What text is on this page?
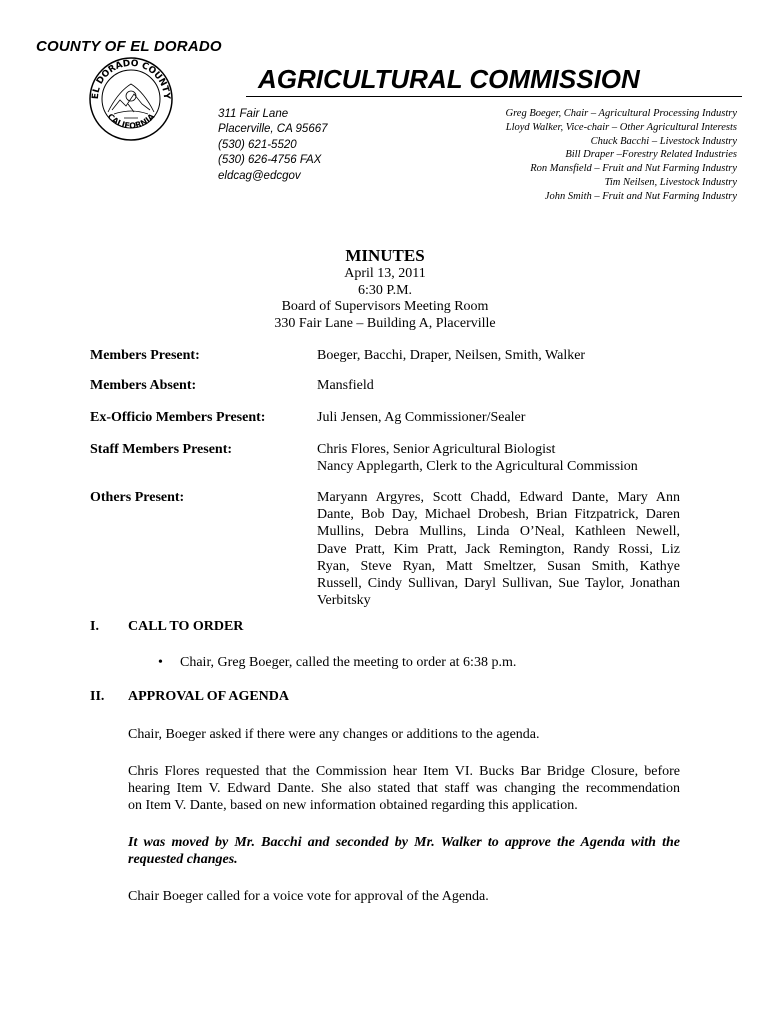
COUNTY OF EL DORADO
EL DORADO COUNTY
CALIFORNIA
AGRICULTURAL COMMISSION
311 Fair Lane
Placerville, CA 95667
(530) 621-5520
(530) 626-4756 FAX
eldcag@edcgov
Greg Boeger, Chair – Agricultural Processing Industry
Lloyd Walker, Vice-chair – Other Agricultural Interests
Chuck Bacchi – Livestock Industry
Bill Draper –Forestry Related Industries
Ron Mansfield – Fruit and Nut Farming Industry
Tim Neilsen, Livestock Industry
John Smith – Fruit and Nut Farming Industry
MINUTES
April 13, 2011
6:30 P.M.
Board of Supervisors Meeting Room
330 Fair Lane – Building A, Placerville
Members Present:	Boeger, Bacchi, Draper, Neilsen, Smith, Walker
Members Absent:	Mansfield
Ex-Officio Members Present:	Juli Jensen, Ag Commissioner/Sealer
Staff Members Present:	Chris Flores, Senior Agricultural Biologist
Nancy Applegarth, Clerk to the Agricultural Commission
Others Present:	Maryann Argyres, Scott Chadd, Edward Dante, Mary Ann
Dante, Bob Day, Michael Drobesh, Brian Fitzpatrick, Daren
Mullins, Debra Mullins, Linda O’Neal, Kathleen Newell,
Dave Pratt, Kim Pratt, Jack Remington, Randy Rossi, Liz
Ryan, Steve Ryan, Matt Smeltzer, Susan Smith, Kathye
Russell, Cindy Sullivan, Daryl Sullivan, Sue Taylor, Jonathan
Verbitsky
I. CALL TO ORDER
• Chair, Greg Boeger, called the meeting to order at 6:38 p.m.
II. APPROVAL OF AGENDA
Chair, Boeger asked if there were any changes or additions to the agenda.
Chris Flores requested that the Commission hear Item VI. Bucks Bar Bridge Closure, before
hearing Item V. Edward Dante. She also stated that staff was changing the recommendation
on Item V. Dante, based on new information obtained regarding this application.
It was moved by Mr. Bacchi and seconded by Mr. Walker to approve the Agenda with the
requested changes.
Chair Boeger called for a voice vote for approval of the Agenda.
